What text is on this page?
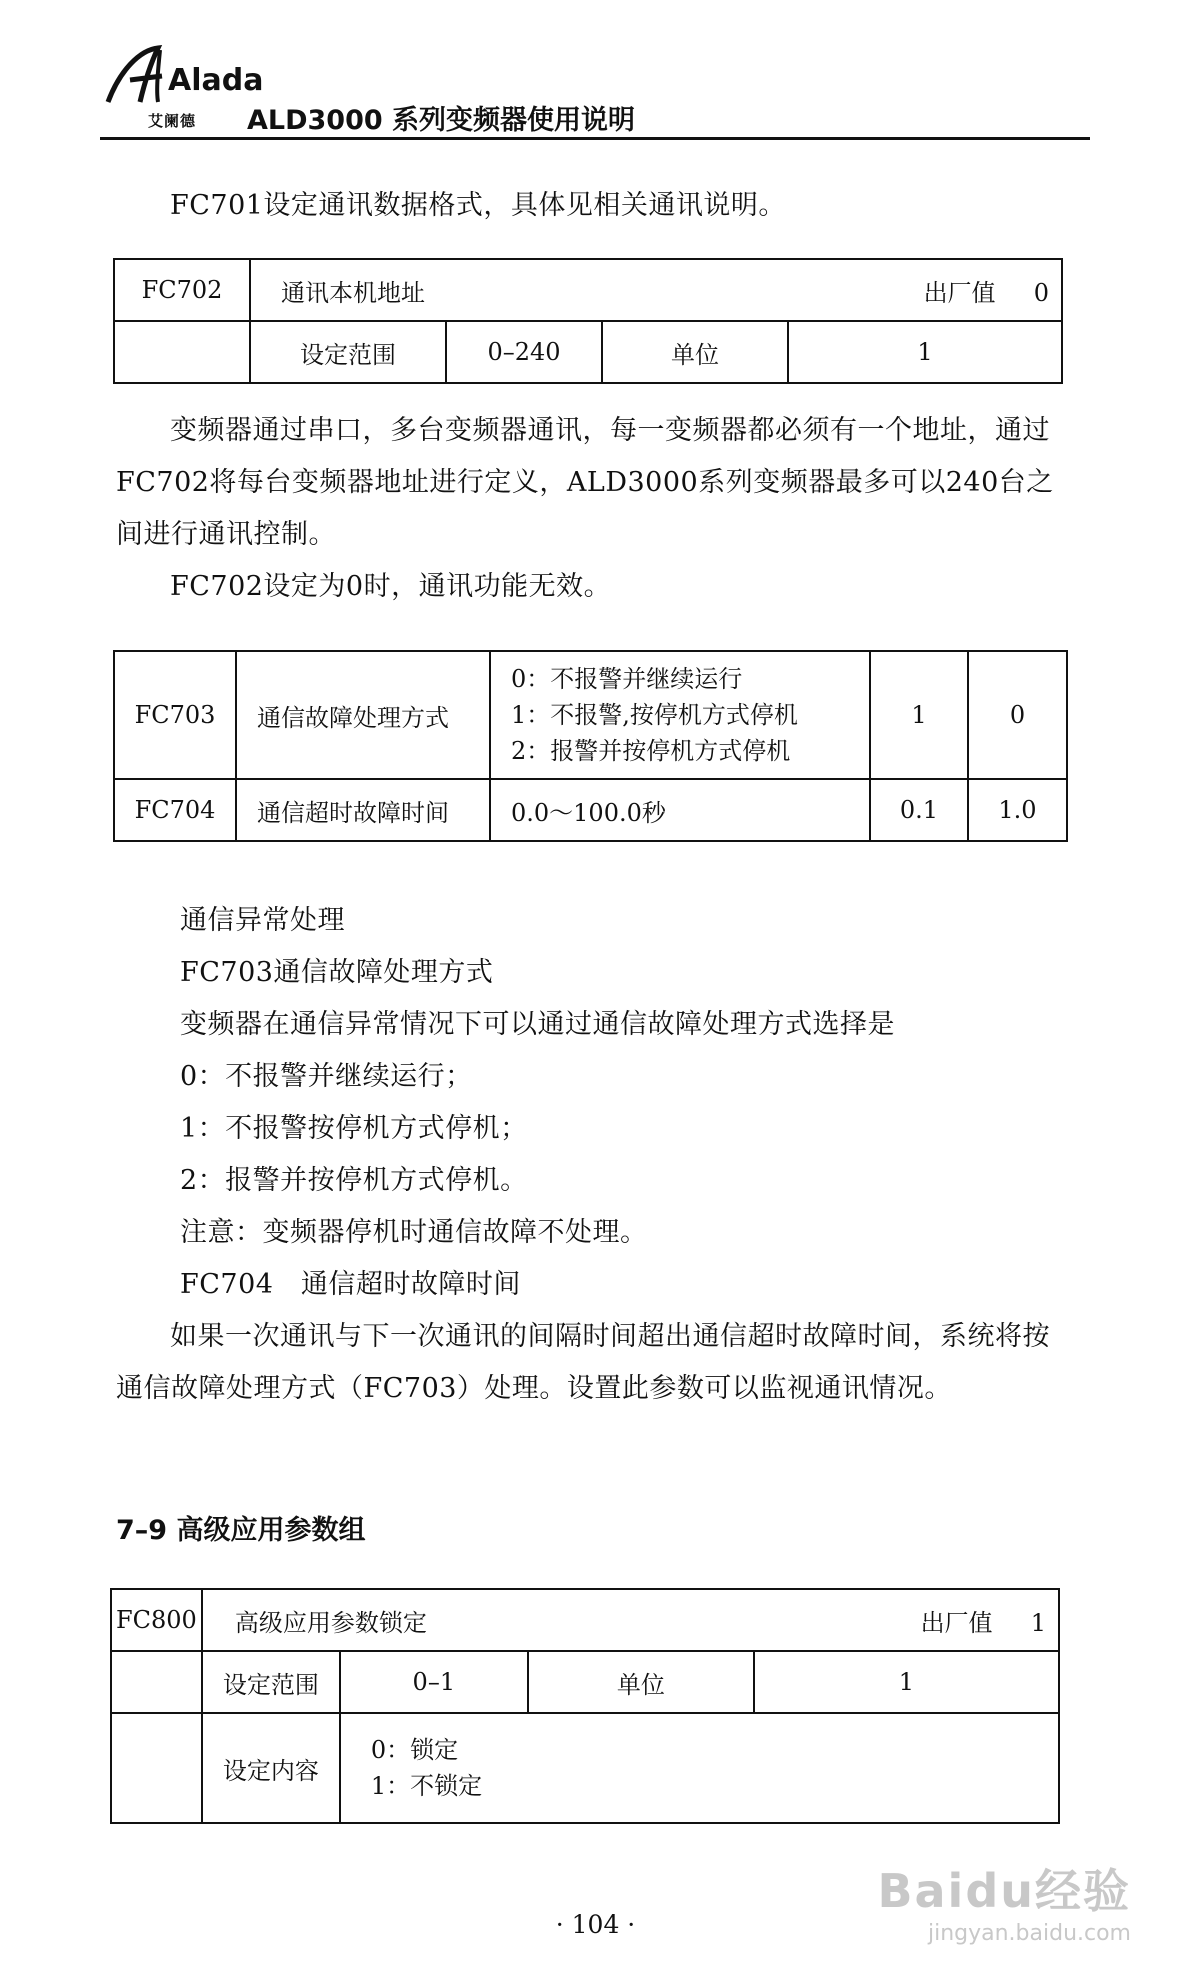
Alada
艾阑德 ALD3000 系列变频器使用说明
FC701设定通讯数据格式，具体见相关通讯说明。
FC702	通讯本机地址 出厂值 0			

	设定范围	0–240	单位	1
变频器通过串口，多台变频器通讯，每一变频器都必须有一个地址，通过FC702将每台变频器地址进行定义，ALD3000系列变频器最多可以240台之间进行通讯控制。
FC702设定为0时，通讯功能无效。
FC703	通信故障处理方式	0：不报警并继续运行
1：不报警,按停机方式停机
2：报警并按停机方式停机	1	0
FC704	通信超时故障时间	0.0～100.0秒	0.1	1.0
通信异常处理
FC703通信故障处理方式
变频器在通信异常情况下可以通过通信故障处理方式选择是
0：不报警并继续运行；
1：不报警按停机方式停机；
2：报警并按停机方式停机。
注意：变频器停机时通信故障不处理。
FC704　通信超时故障时间
如果一次通讯与下一次通讯的间隔时间超出通信超时故障时间，系统将按通信故障处理方式（FC703）处理。设置此参数可以监视通讯情况。
7–9 高级应用参数组
FC800	高级应用参数锁定 出厂值 1			

	设定范围	0–1	单位	1
	设定内容	0：锁定
1：不锁定		
· 104 ·
Baidu经验
jingyan.baidu.com
